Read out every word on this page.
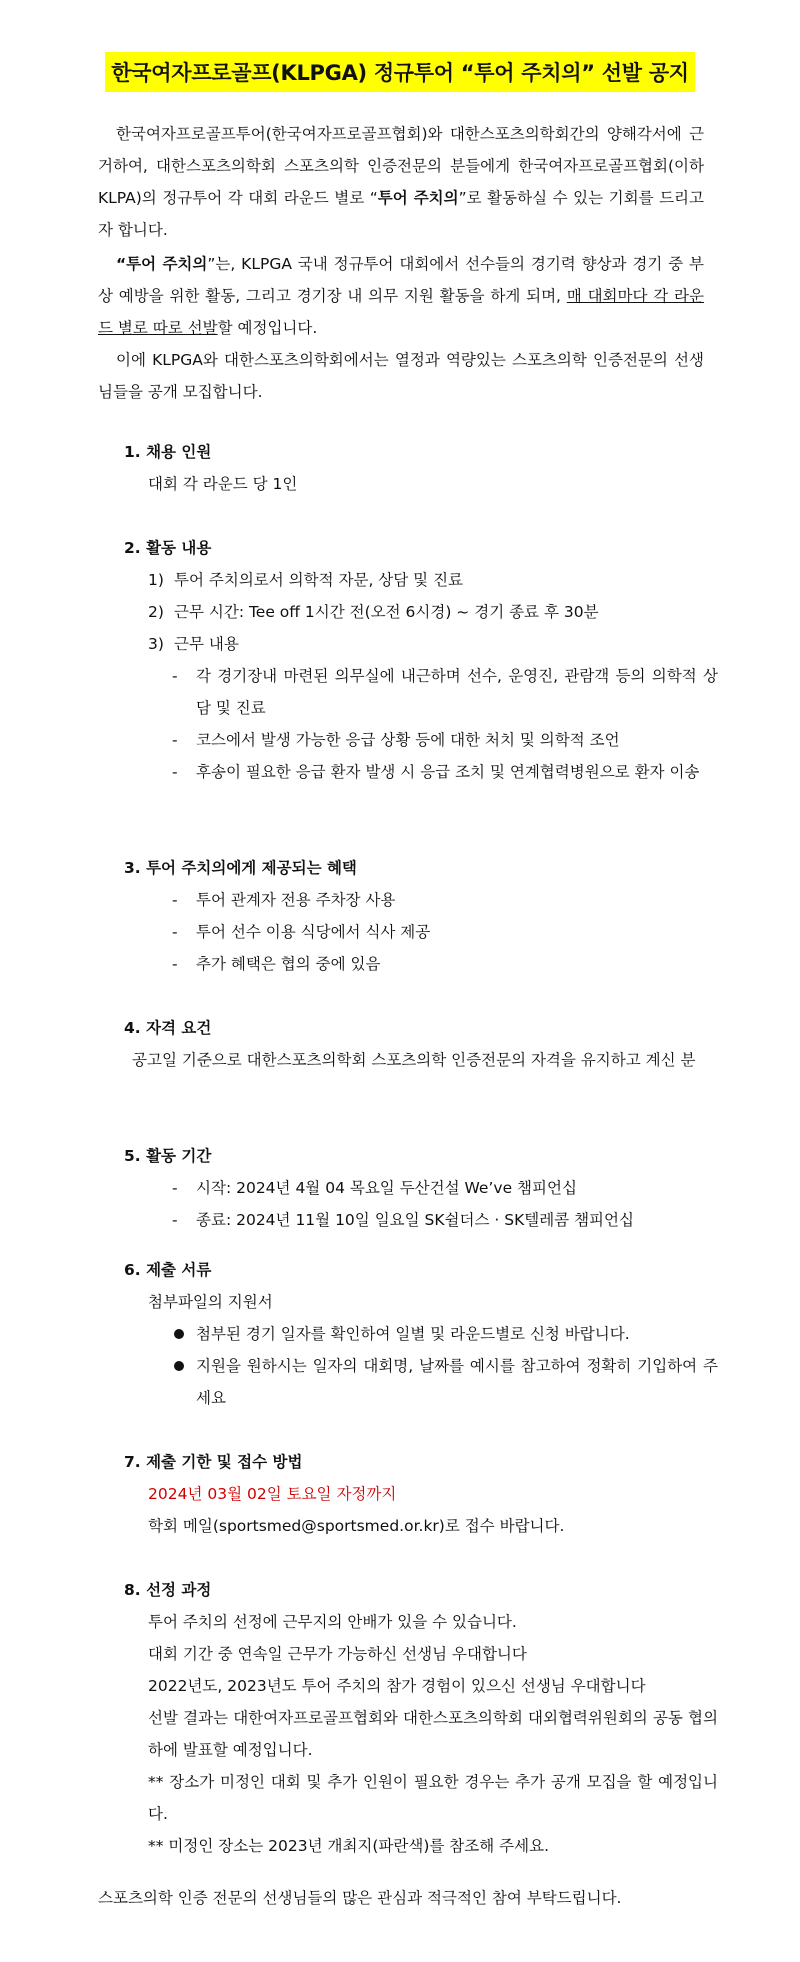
한국여자프로골프(KLPGA) 정규투어 “투어 주치의” 선발 공지
한국여자프로골프투어(한국여자프로골프협회)와 대한스포츠의학회간의 양해각서에 근거하여, 대한스포츠의학회 스포츠의학 인증전문의 분들에게 한국여자프로골프협회(이하 KLPA)의 정규투어 각 대회 라운드 별로 “투어 주치의”로 활동하실 수 있는 기회를 드리고자 합니다.
“투어 주치의”는, KLPGA 국내 정규투어 대회에서 선수들의 경기력 향상과 경기 중 부상 예방을 위한 활동, 그리고 경기장 내 의무 지원 활동을 하게 되며, 매 대회마다 각 라운드 별로 따로 선발할 예정입니다.
이에 KLPGA와 대한스포츠의학회에서는 열정과 역량있는 스포츠의학 인증전문의 선생님들을 공개 모집합니다.
1. 채용 인원
대회 각 라운드 당 1인
2. 활동 내용
1) 투어 주치의로서 의학적 자문, 상담 및 진료
2) 근무 시간: Tee off 1시간 전(오전 6시경) ~ 경기 종료 후 30분
3) 근무 내용
- 각 경기장내 마련된 의무실에 내근하며 선수, 운영진, 관람객 등의 의학적 상담 및 진료
- 코스에서 발생 가능한 응급 상황 등에 대한 처치 및 의학적 조언
- 후송이 필요한 응급 환자 발생 시 응급 조치 및 연계협력병원으로 환자 이송
3. 투어 주치의에게 제공되는 혜택
- 투어 관계자 전용 주차장 사용
- 투어 선수 이용 식당에서 식사 제공
- 추가 혜택은 협의 중에 있음
4. 자격 요건
공고일 기준으로 대한스포츠의학회 스포츠의학 인증전문의 자격을 유지하고 계신 분
5. 활동 기간
- 시작: 2024년 4월 04 목요일 두산건설 We’ve 챔피언십
- 종료: 2024년 11월 10일 일요일 SK쉴더스 · SK텔레콤 챔피언십
6. 제출 서류
첨부파일의 지원서
첨부된 경기 일자를 확인하여 일별 및 라운드별로 신청 바랍니다.
지원을 원하시는 일자의 대회명, 날짜를 예시를 참고하여 정확히 기입하여 주세요
7. 제출 기한 및 접수 방법
2024년 03월 02일 토요일 자정까지
학회 메일(sportsmed@sportsmed.or.kr)로 접수 바랍니다.
8. 선정 과정
투어 주치의 선정에 근무지의 안배가 있을 수 있습니다.
대회 기간 중 연속일 근무가 가능하신 선생님 우대합니다
2022년도, 2023년도 투어 주치의 참가 경험이 있으신 선생님 우대합니다
선발 결과는 대한여자프로골프협회와 대한스포츠의학회 대외협력위원회의 공동 협의 하에 발표할 예정입니다.
** 장소가 미정인 대회 및 추가 인원이 필요한 경우는 추가 공개 모집을 할 예정입니다.
** 미정인 장소는 2023년 개최지(파란색)를 참조해 주세요.
스포츠의학 인증 전문의 선생님들의 많은 관심과 적극적인 참여 부탁드립니다.
